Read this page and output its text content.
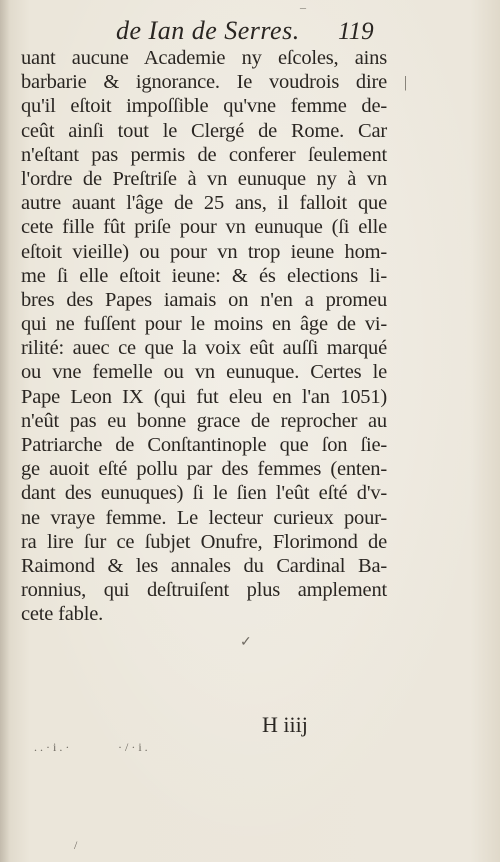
de Ian de Serres. 119
uant aucune Academie ny eſcoles, ains
barbarie & ignorance. Ie voudrois dire
qu'il eſtoit impoſſible qu'vne femme de-
ceût ainſi tout le Clergé de Rome. Car
n'eſtant pas permis de conferer ſeulement
l'ordre de Preſtriſe à vn eunuque ny à vn
autre auant l'âge de 25 ans, il falloit que
cete fille fût priſe pour vn eunuque (ſi elle
eſtoit vieille) ou pour vn trop ieune hom-
me ſi elle eſtoit ieune: & és elections li-
bres des Papes iamais on n'en a promeu
qui ne fuſſent pour le moins en âge de vi-
rilité: auec ce que la voix eût auſſi marqué
ou vne femelle ou vn eunuque. Certes le
Pape Leon IX (qui fut eleu en l'an 1051)
n'eût pas eu bonne grace de reprocher au
Patriarche de Conſtantinople que ſon ſie-
ge auoit eſté pollu par des femmes (enten-
dant des eunuques) ſi le ſien l'eût eſté d'v-
ne vraye femme. Le lecteur curieux pour-
ra lire ſur ce ſubjet Onufre, Florimond de
Raimond & les annales du Cardinal Ba-
ronnius, qui deſtruiſent plus amplement
cete fable.
|
¯
✓
H iiij
. . · i . ·	· / · i .
/
